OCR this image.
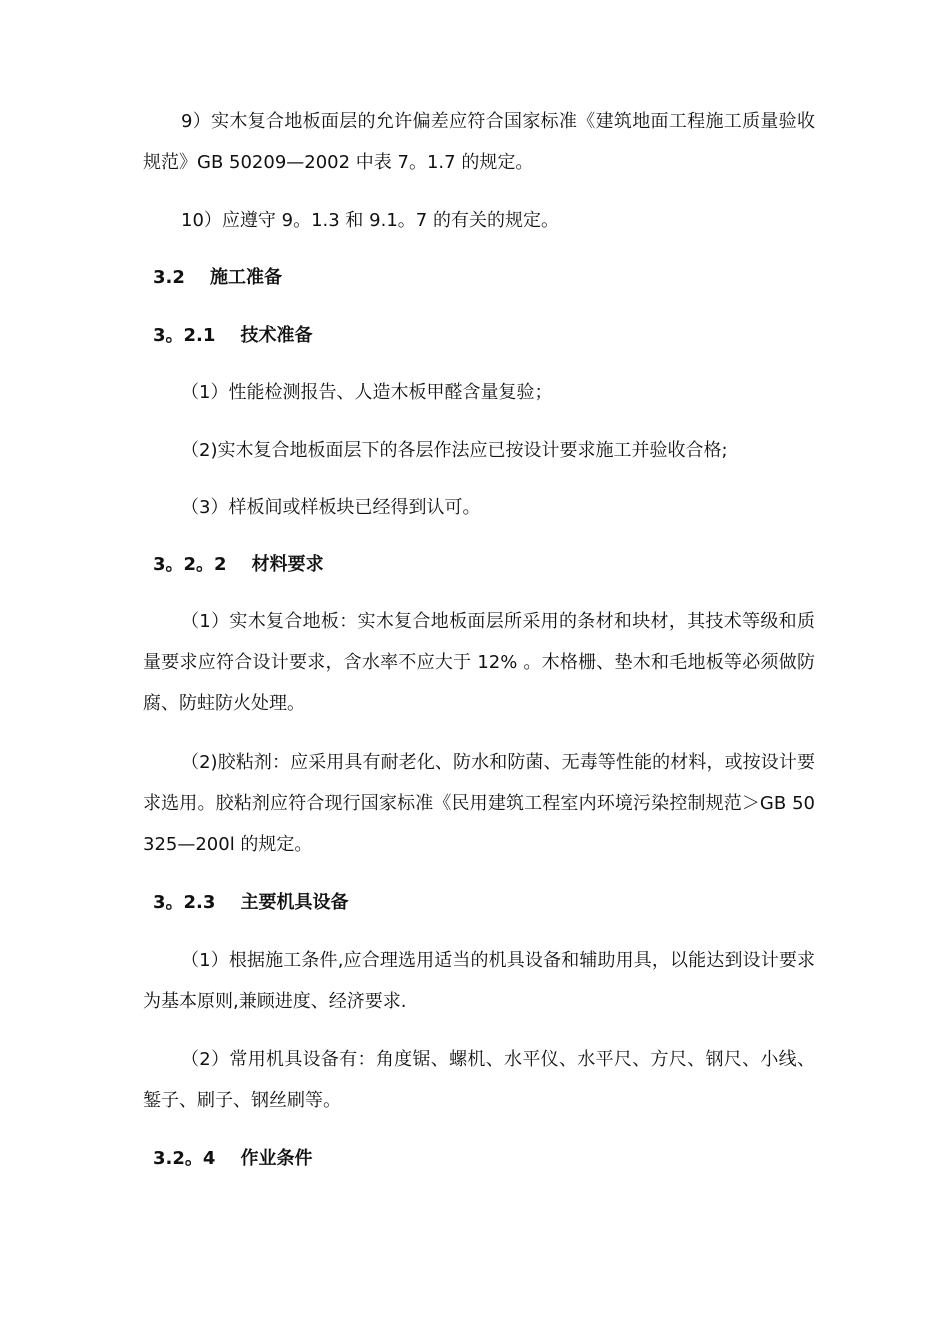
9）实木复合地板面层的允许偏差应符合国家标准《建筑地面工程施工质量验收规范》GB 50209—2002 中表 7。1.7 的规定。

10）应遵守 9。1.3 和 9.1。7 的有关的规定。

3.2    施工准备

3。2.1    技术准备

（1）性能检测报告、人造木板甲醛含量复验；

（2)实木复合地板面层下的各层作法应已按设计要求施工并验收合格;

（3）样板间或样板块已经得到认可。

3。2。2    材料要求

（1）实木复合地板：实木复合地板面层所采用的条材和块材，其技术等级和质量要求应符合设计要求，含水率不应大于 12% 。木格栅、垫木和毛地板等必须做防腐、防蛀防火处理。

（2)胶粘剂：应采用具有耐老化、防水和防菌、无毒等性能的材料，或按设计要求选用。胶粘剂应符合现行国家标准《民用建筑工程室内环境污染控制规范＞GB 50325—200l 的规定。

3。2.3    主要机具设备

（1）根据施工条件,应合理选用适当的机具设备和辅助用具，以能达到设计要求为基本原则,兼顾进度、经济要求.

（2）常用机具设备有：角度锯、螺机、水平仪、水平尺、方尺、钢尺、小线、錾子、刷子、钢丝刷等。

3.2。4    作业条件
